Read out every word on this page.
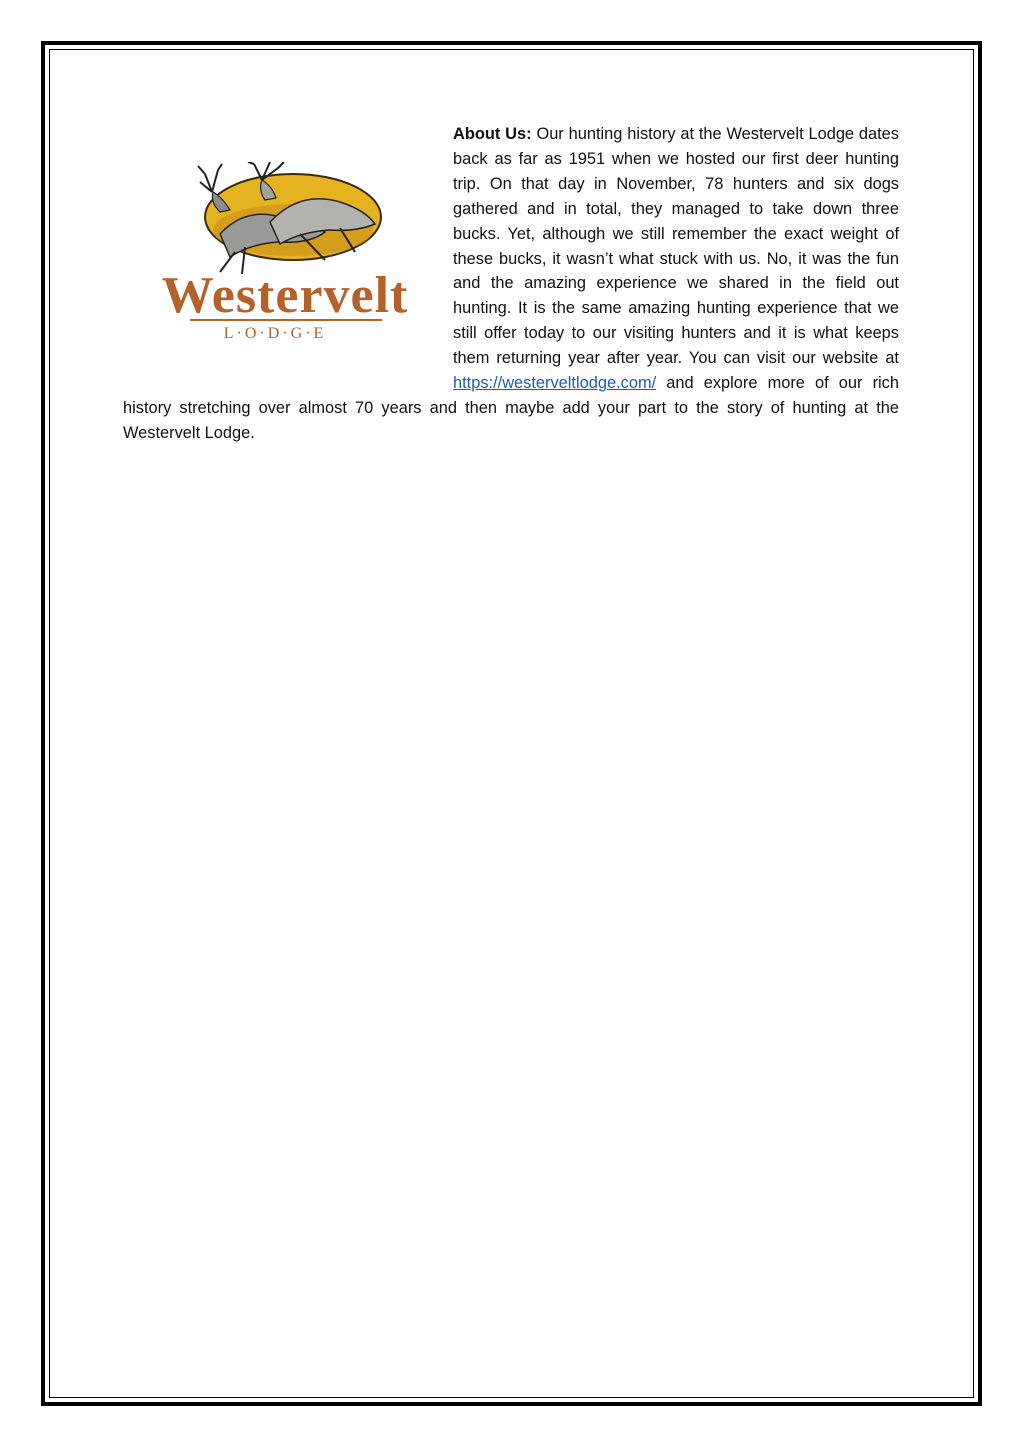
Westervelt
L·O·D·G·E

About Us: Our hunting history at the Westervelt Lodge dates back as far as 1951 when we hosted our first deer hunting trip. On that day in November, 78 hunters and six dogs gathered and in total, they managed to take down three bucks. Yet, although we still remember the exact weight of these bucks, it wasn’t what stuck with us. No, it was the fun and the amazing experience we shared in the field out hunting. It is the same amazing hunting experience that we still offer today to our visiting hunters and it is what keeps them returning year after year. You can visit our website at https://westerveltlodge.com/ and explore more of our rich history stretching over almost 70 years and then maybe add your part to the story of hunting at the Westervelt Lodge.
